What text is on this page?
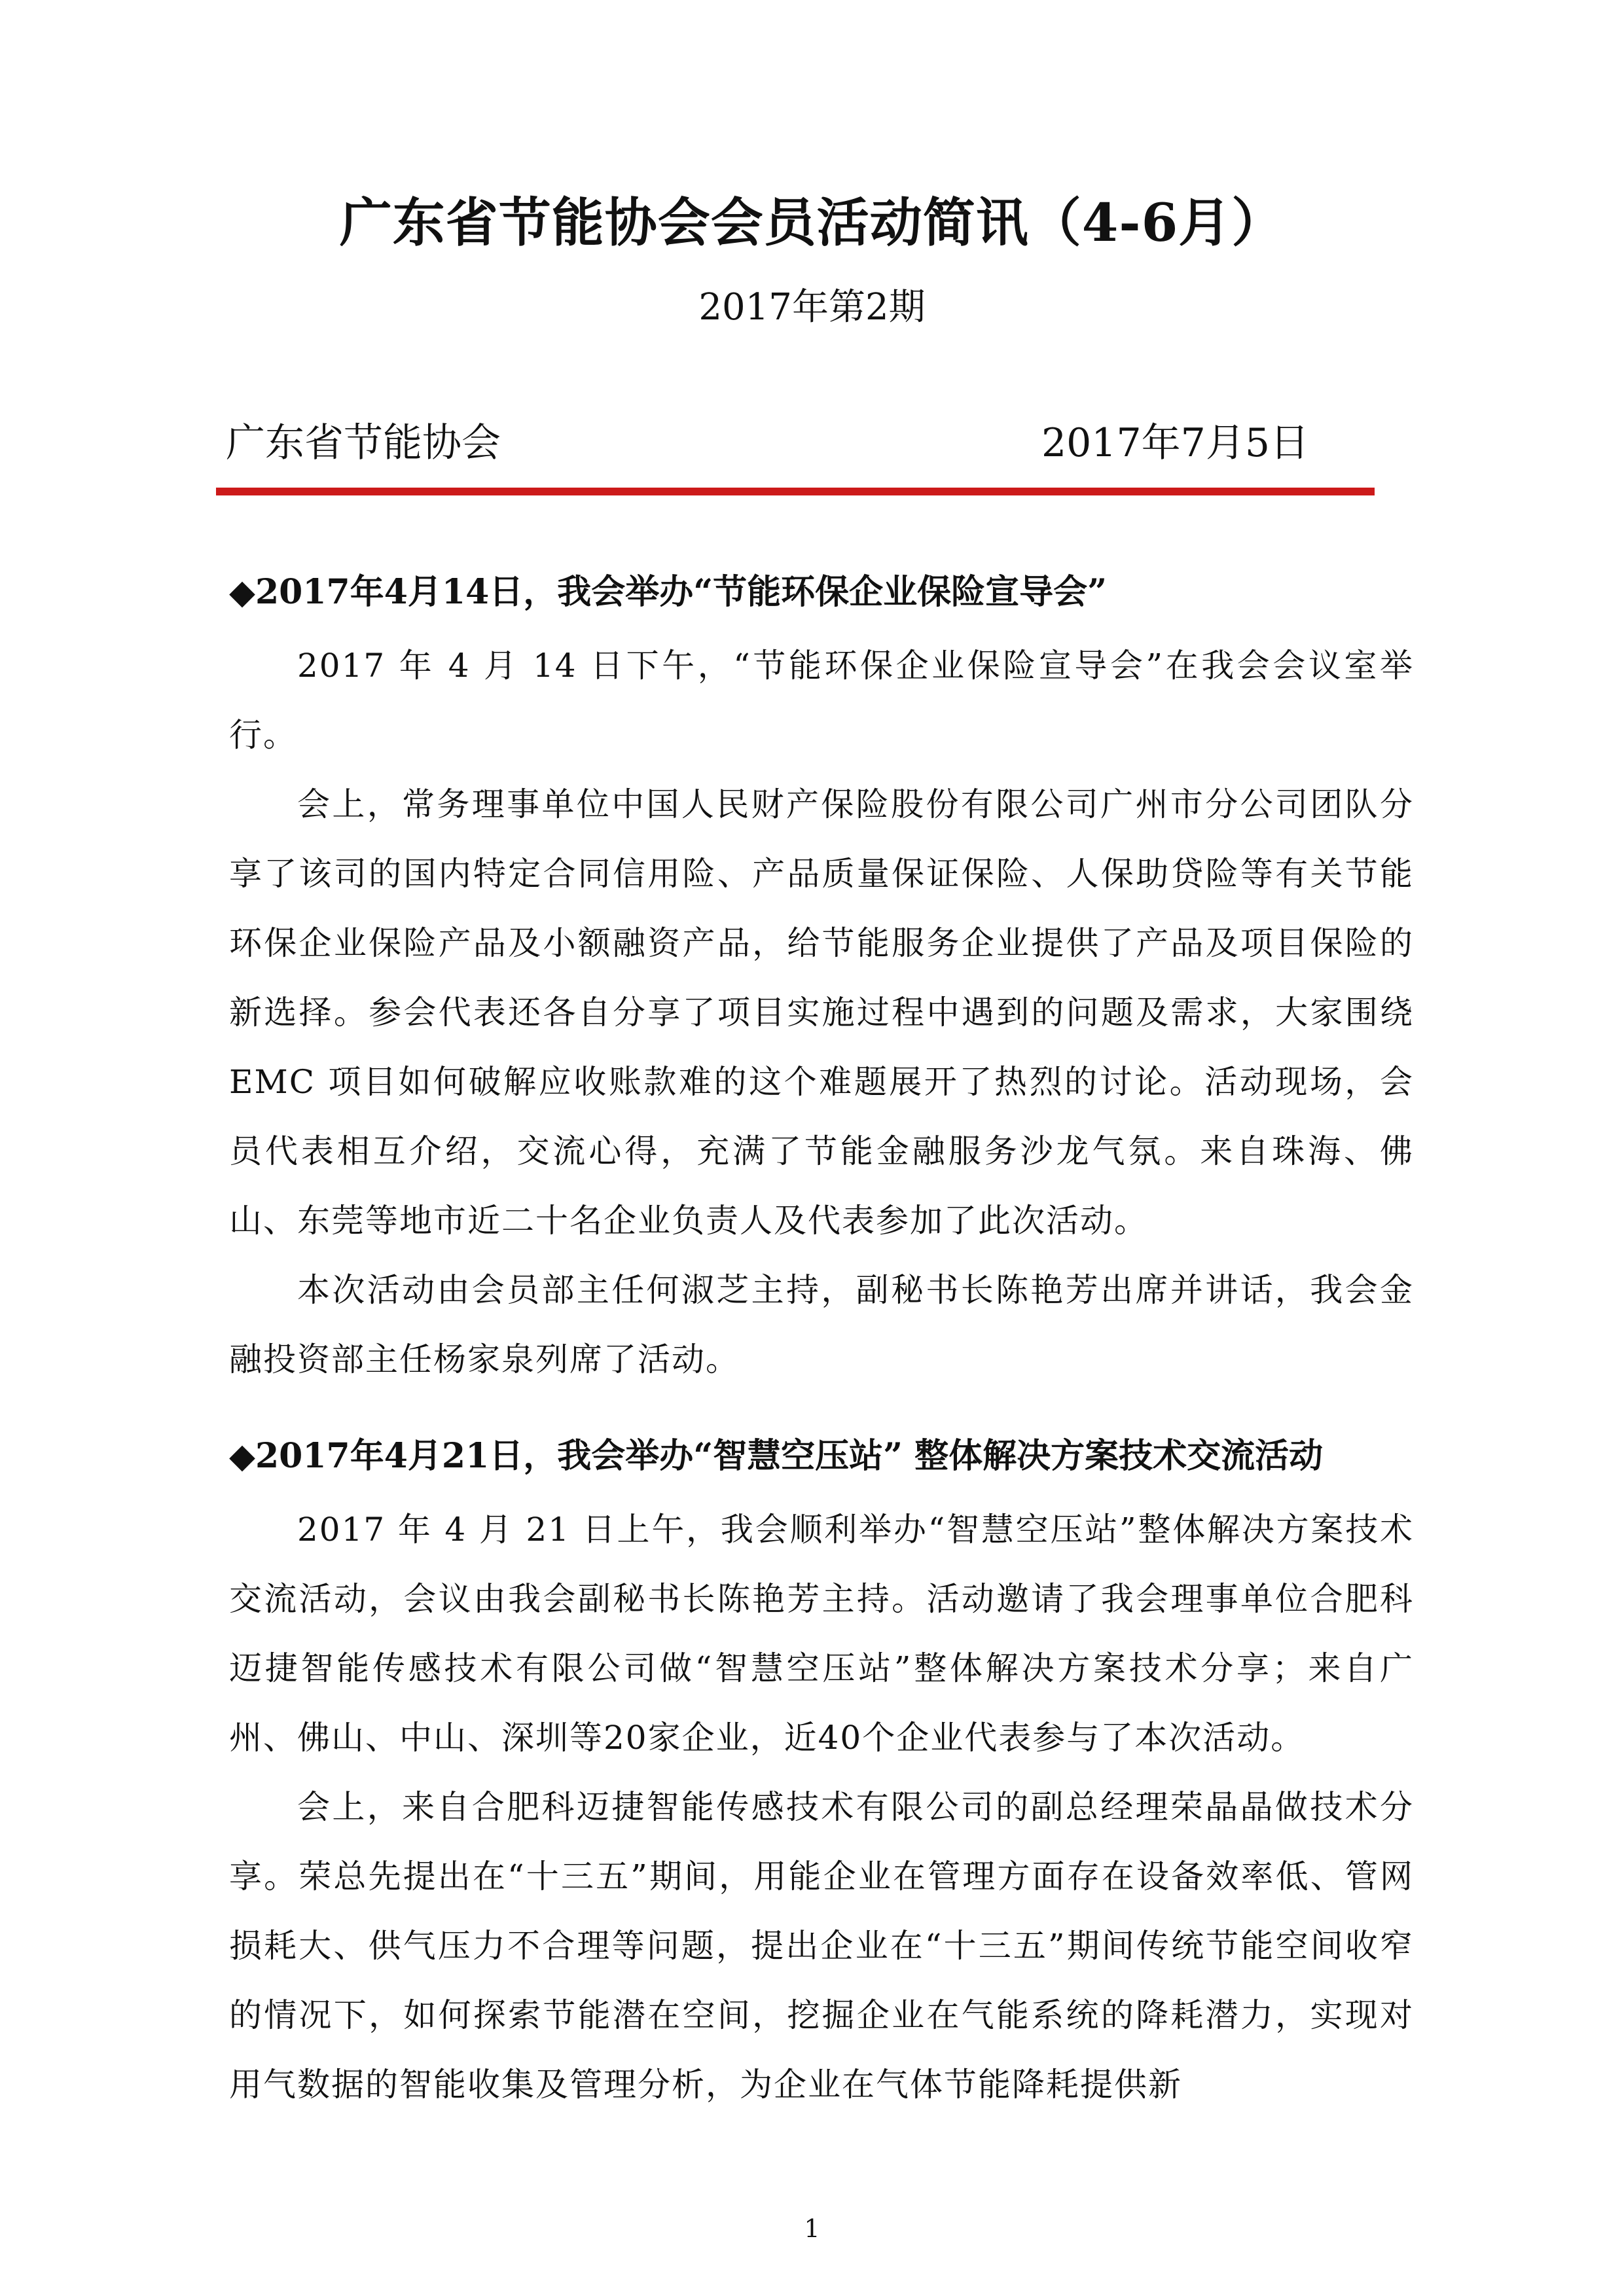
广东省节能协会会员活动简讯（4-6月）
2017年第2期
广东省节能协会	2017年7月5日

◆2017年4月14日，我会举办“节能环保企业保险宣导会”

2017 年 4 月 14 日下午，“节能环保企业保险宣导会”在我会会议室举行。

会上，常务理事单位中国人民财产保险股份有限公司广州市分公司团队分享了该司的国内特定合同信用险、产品质量保证保险、人保助贷险等有关节能环保企业保险产品及小额融资产品，给节能服务企业提供了产品及项目保险的新选择。参会代表还各自分享了项目实施过程中遇到的问题及需求，大家围绕 EMC 项目如何破解应收账款难的这个难题展开了热烈的讨论。活动现场，会员代表相互介绍，交流心得，充满了节能金融服务沙龙气氛。来自珠海、佛山、东莞等地市近二十名企业负责人及代表参加了此次活动。

本次活动由会员部主任何淑芝主持，副秘书长陈艳芳出席并讲话，我会金融投资部主任杨家泉列席了活动。

◆2017年4月21日，我会举办“智慧空压站” 整体解决方案技术交流活动

2017 年 4 月 21 日上午，我会顺利举办“智慧空压站”整体解决方案技术交流活动，会议由我会副秘书长陈艳芳主持。活动邀请了我会理事单位合肥科迈捷智能传感技术有限公司做“智慧空压站”整体解决方案技术分享；来自广州、佛山、中山、深圳等20家企业，近40个企业代表参与了本次活动。

会上，来自合肥科迈捷智能传感技术有限公司的副总经理荣晶晶做技术分享。荣总先提出在“十三五”期间，用能企业在管理方面存在设备效率低、管网损耗大、供气压力不合理等问题，提出企业在“十三五”期间传统节能空间收窄的情况下，如何探索节能潜在空间，挖掘企业在气能系统的降耗潜力，实现对用气数据的智能收集及管理分析，为企业在气体节能降耗提供新

1
